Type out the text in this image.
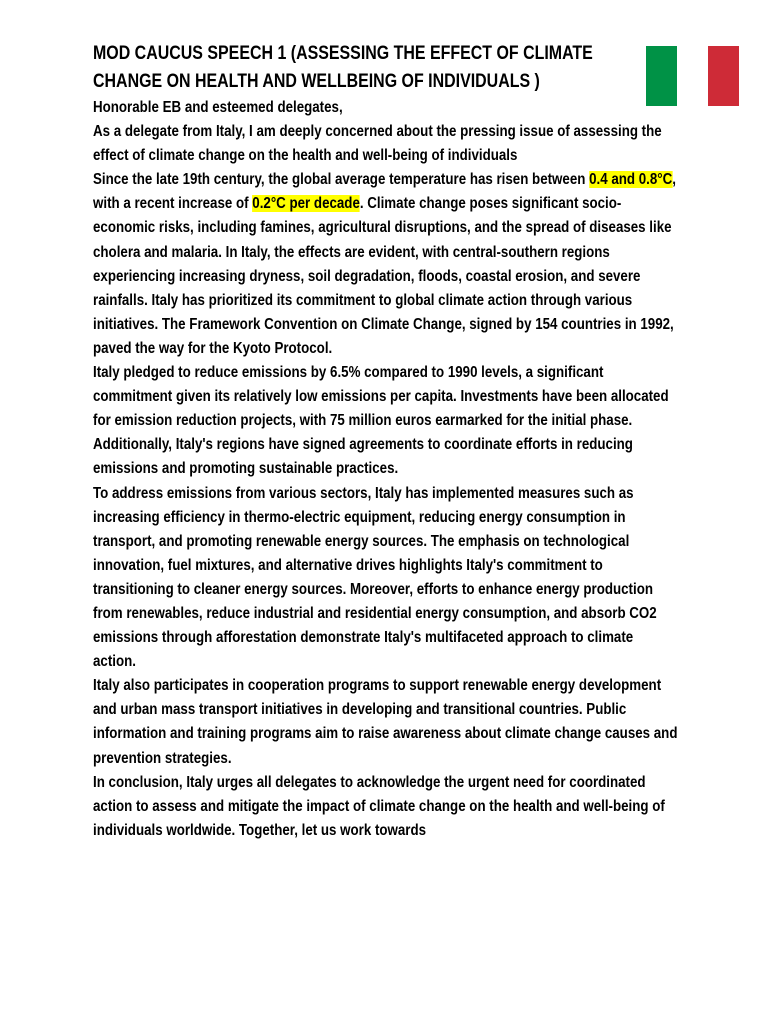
MOD CAUCUS SPEECH 1 (ASSESSING THE EFFECT OF CLIMATE CHANGE ON HEALTH AND WELLBEING OF INDIVIDUALS )

Honorable EB and esteemed delegates,

As a delegate from Italy, I am deeply concerned about the pressing issue of assessing the effect of climate change on the health and well-being of individuals

Since the late 19th century, the global average temperature has risen between 0.4 and 0.8°C, with a recent increase of 0.2°C per decade. Climate change poses significant socio-economic risks, including famines, agricultural disruptions, and the spread of diseases like cholera and malaria. In Italy, the effects are evident, with central-southern regions experiencing increasing dryness, soil degradation, floods, coastal erosion, and severe rainfalls. Italy has prioritized its commitment to global climate action through various initiatives. The Framework Convention on Climate Change, signed by 154 countries in 1992, paved the way for the Kyoto Protocol.

Italy pledged to reduce emissions by 6.5% compared to 1990 levels, a significant commitment given its relatively low emissions per capita. Investments have been allocated for emission reduction projects, with 75 million euros earmarked for the initial phase. Additionally, Italy's regions have signed agreements to coordinate efforts in reducing emissions and promoting sustainable practices.

To address emissions from various sectors, Italy has implemented measures such as increasing efficiency in thermo-electric equipment, reducing energy consumption in transport, and promoting renewable energy sources. The emphasis on technological innovation, fuel mixtures, and alternative drives highlights Italy's commitment to transitioning to cleaner energy sources. Moreover, efforts to enhance energy production from renewables, reduce industrial and residential energy consumption, and absorb CO2 emissions through afforestation demonstrate Italy's multifaceted approach to climate action.

Italy also participates in cooperation programs to support renewable energy development and urban mass transport initiatives in developing and transitional countries. Public information and training programs aim to raise awareness about climate change causes and prevention strategies.

In conclusion, Italy urges all delegates to acknowledge the urgent need for coordinated action to assess and mitigate the impact of climate change on the health and well-being of individuals worldwide. Together, let us work towards
